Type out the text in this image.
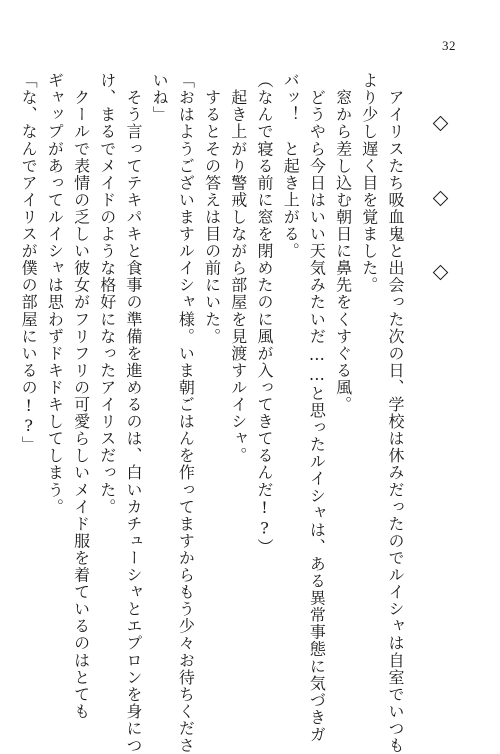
32

　アイリスたち吸血鬼と出会った次の日、学校は休みだったのでルイシャは自室でいつも

より少し遅く目を覚ました。

　窓から差し込む朝日に鼻先をくすぐる風。

　どうやら今日はいい天気みたいだ……と思ったルイシャは、ある異常事態に気づきガ

バッ！　と起き上がる。

（なんで寝る前に窓を閉めたのに風が入ってきてるんだ!?）

　起き上がり警戒しながら部屋を見渡すルイシャ。

　するとその答えは目の前にいた。

「おはようございますルイシャ様。いま朝ごはんを作ってますからもう少々お待ちくださ

いね」

　そう言ってテキパキと食事の準備を進めるのは、白いカチューシャとエプロンを身につ

け、まるでメイドのような格好になったアイリスだった。

　クールで表情の乏しい彼女がフリフリの可愛らしいメイド服を着ているのはとても

ギャップがあってルイシャは思わずドキドキしてしまう。

「な、なんでアイリスが僕の部屋にいるの!?」
